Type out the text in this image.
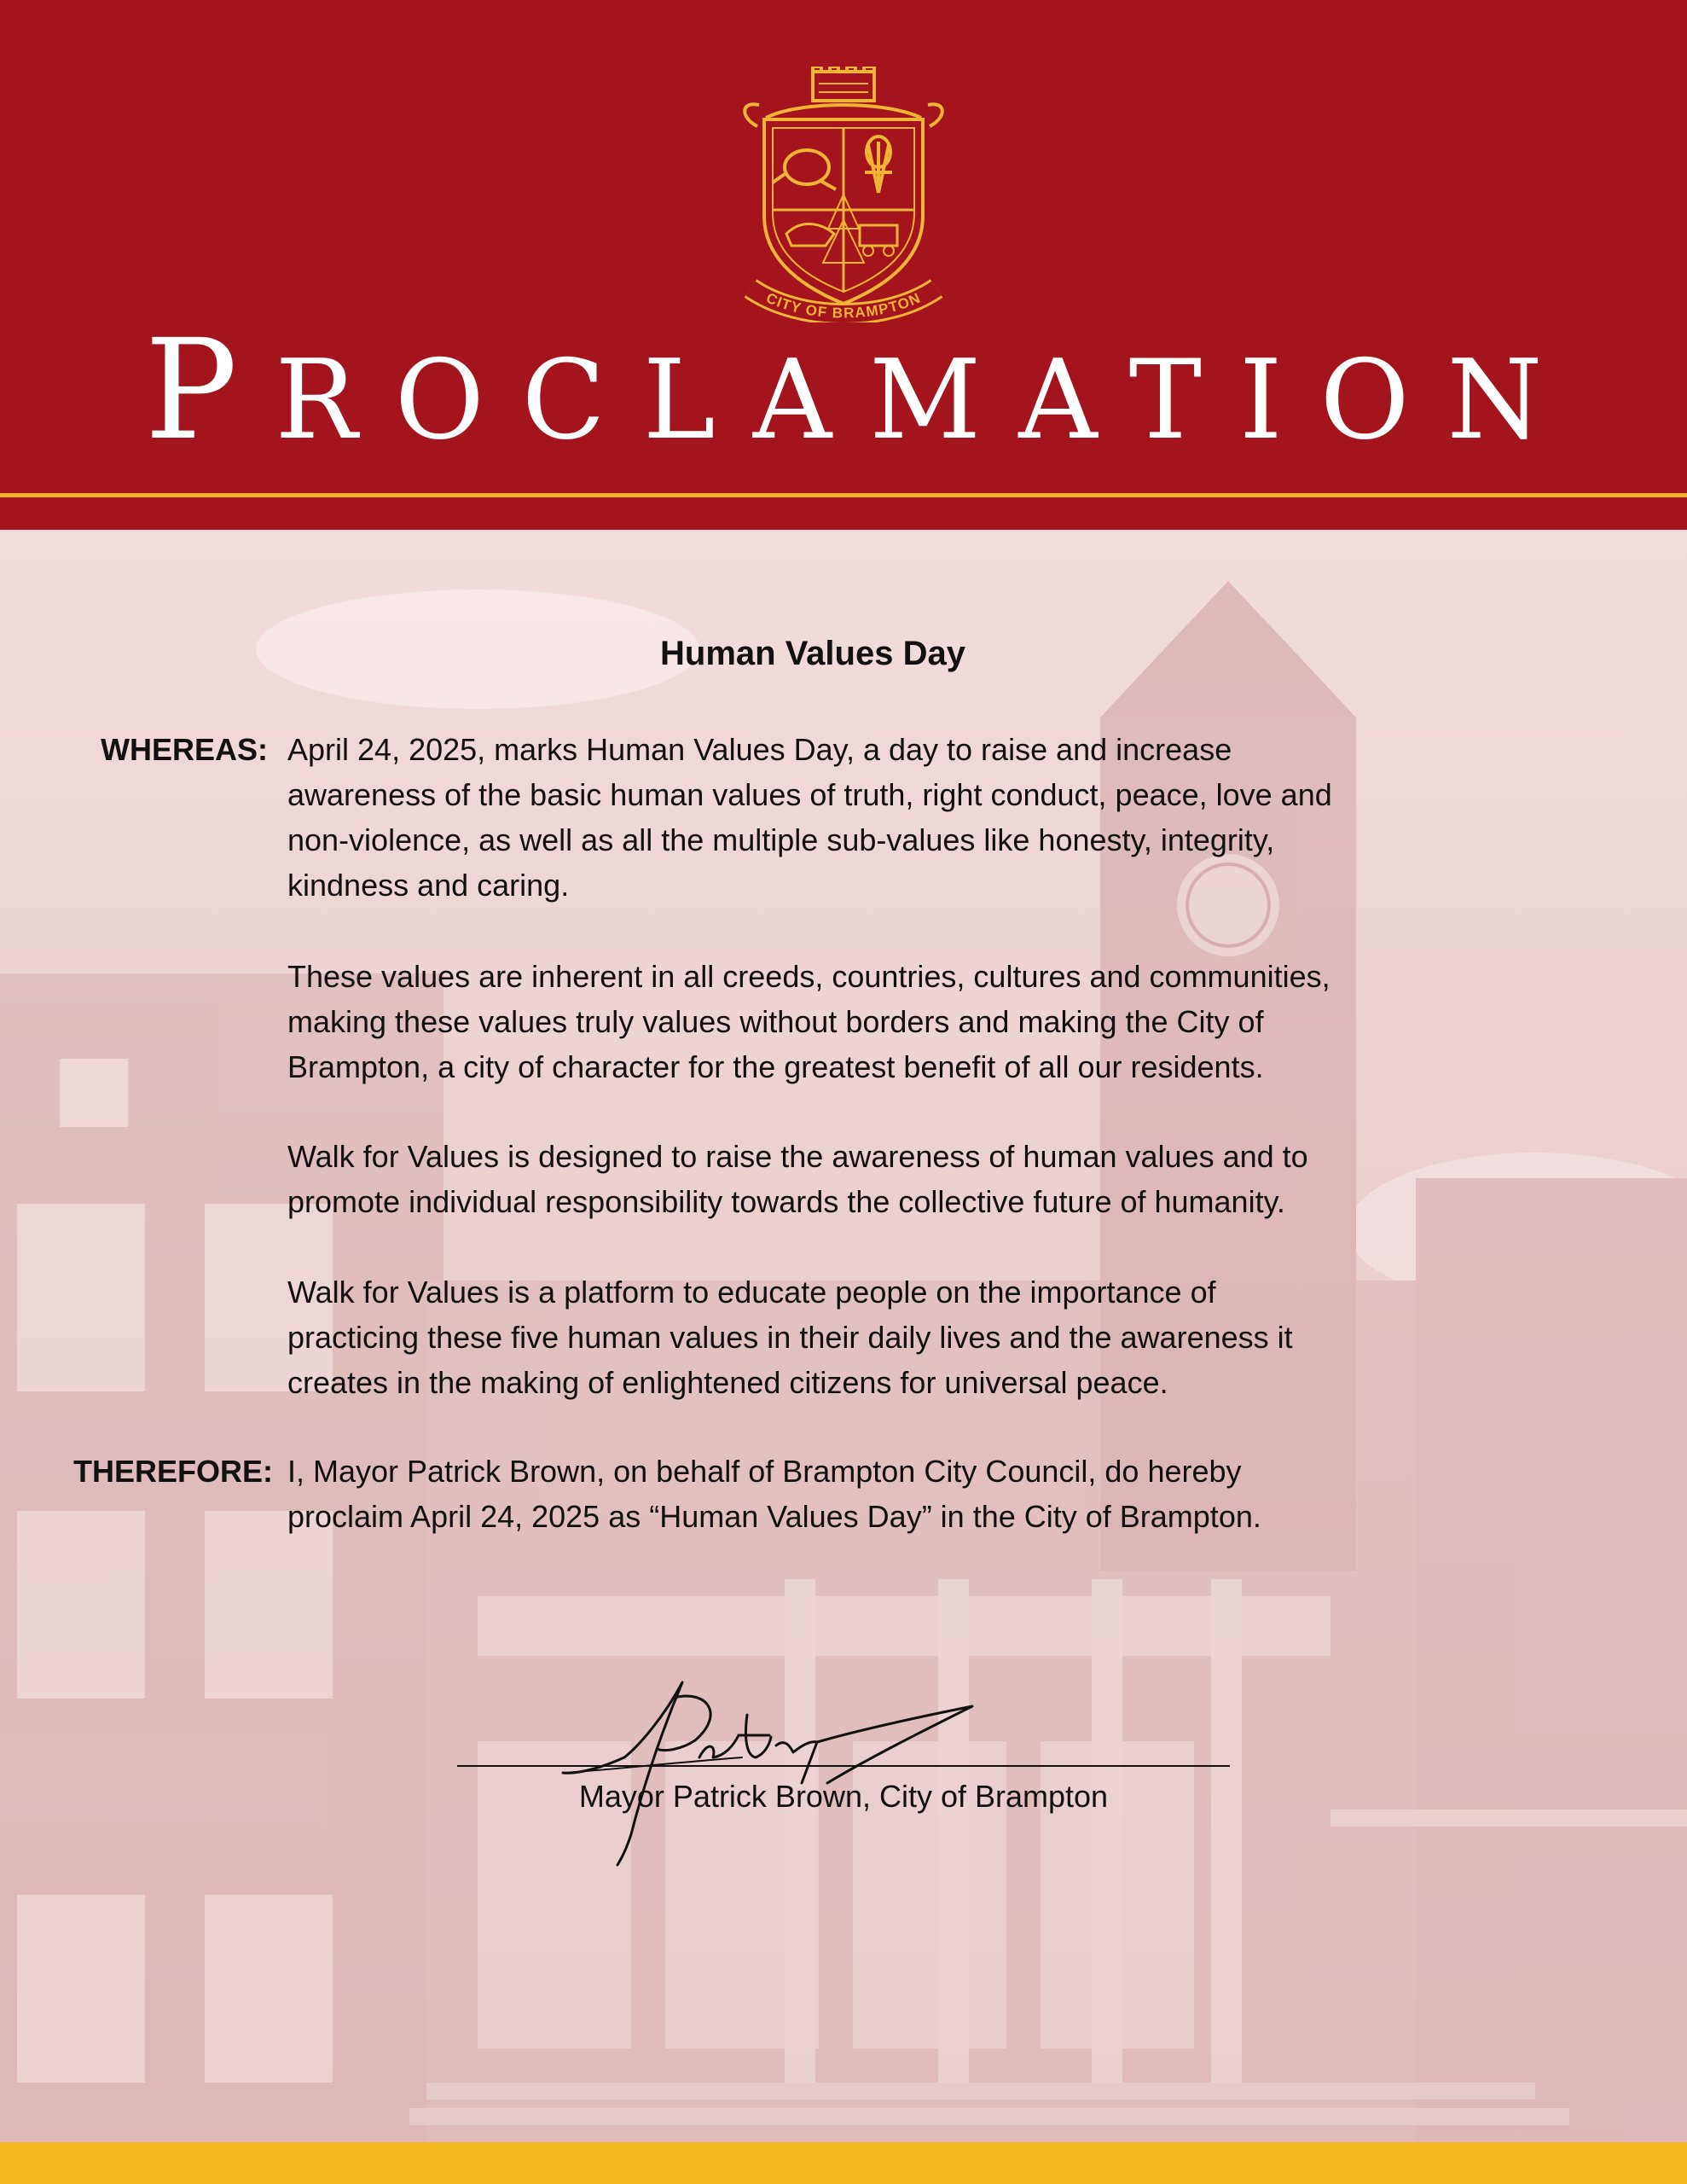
CITY OF BRAMPTON
PROCLAMATION
Human Values Day
WHEREAS: April 24, 2025, marks Human Values Day, a day to raise and increase
awareness of the basic human values of truth, right conduct, peace, love and
non-violence, as well as all the multiple sub-values like honesty, integrity,
kindness and caring.
These values are inherent in all creeds, countries, cultures and communities,
making these values truly values without borders and making the City of
Brampton, a city of character for the greatest benefit of all our residents.
Walk for Values is designed to raise the awareness of human values and to
promote individual responsibility towards the collective future of humanity.
Walk for Values is a platform to educate people on the importance of
practicing these five human values in their daily lives and the awareness it
creates in the making of enlightened citizens for universal peace.
THEREFORE: I, Mayor Patrick Brown, on behalf of Brampton City Council, do hereby
proclaim April 24, 2025 as “Human Values Day” in the City of Brampton.
Mayor Patrick Brown, City of Brampton
